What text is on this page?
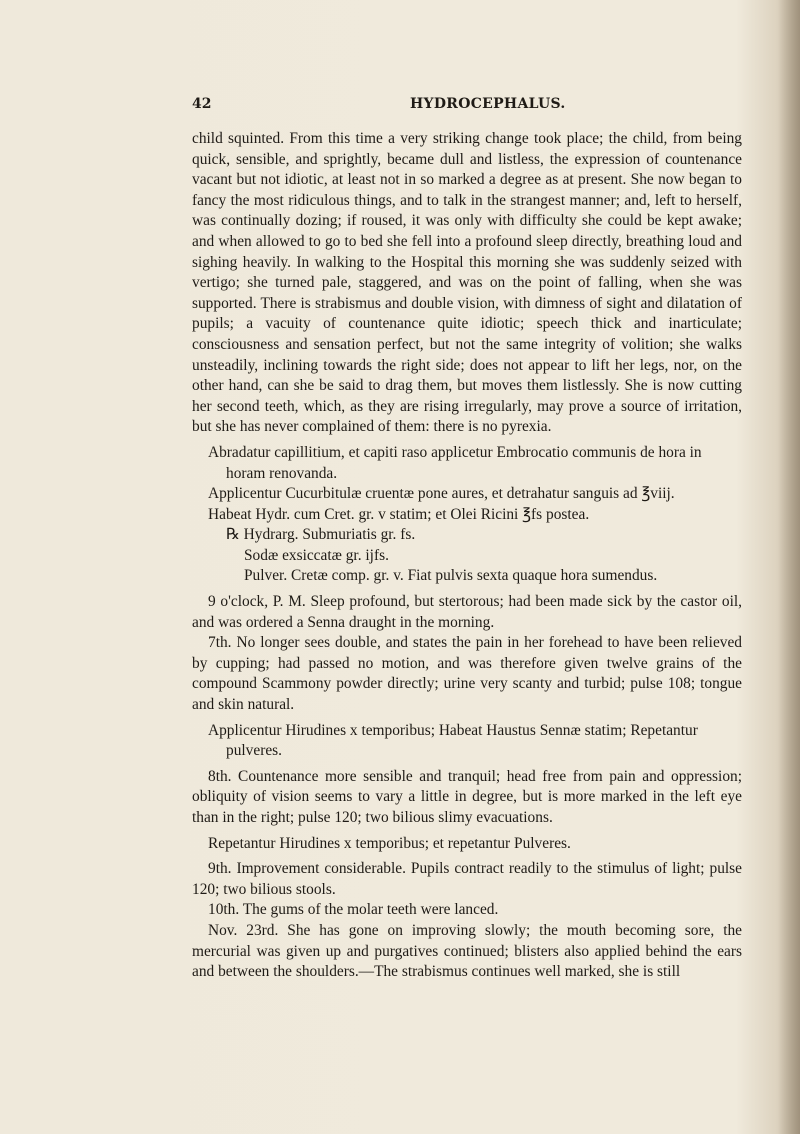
42	HYDROCEPHALUS.

child squinted. From this time a very striking change took place; the child, from being quick, sensible, and sprightly, became dull and listless, the expression of countenance vacant but not idiotic, at least not in so marked a degree as at present. She now began to fancy the most ridiculous things, and to talk in the strangest manner; and, left to herself, was continually dozing; if roused, it was only with difficulty she could be kept awake; and when allowed to go to bed she fell into a profound sleep directly, breathing loud and sighing heavily. In walking to the Hospital this morning she was suddenly seized with vertigo; she turned pale, staggered, and was on the point of falling, when she was supported. There is strabismus and double vision, with dimness of sight and dilatation of pupils; a vacuity of countenance quite idiotic; speech thick and inarticulate; consciousness and sensation perfect, but not the same integrity of volition; she walks unsteadily, inclining towards the right side; does not appear to lift her legs, nor, on the other hand, can she be said to drag them, but moves them listlessly. She is now cutting her second teeth, which, as they are rising irregularly, may prove a source of irritation, but she has never complained of them: there is no pyrexia.

Abradatur capillitium, et capiti raso applicetur Embrocatio communis de hora in horam renovanda.

Applicentur Cucurbitulæ cruentæ pone aures, et detrahatur sanguis ad ℥viij.

Habeat Hydr. cum Cret. gr. v statim; et Olei Ricini ℥fs postea.

℞ Hydrarg. Submuriatis gr. fs.

Sodæ exsiccatæ gr. ijfs.

Pulver. Cretæ comp. gr. v. Fiat pulvis sexta quaque hora sumendus.

9 o'clock, P. M. Sleep profound, but stertorous; had been made sick by the castor oil, and was ordered a Senna draught in the morning.

7th. No longer sees double, and states the pain in her forehead to have been relieved by cupping; had passed no motion, and was therefore given twelve grains of the compound Scammony powder directly; urine very scanty and turbid; pulse 108; tongue and skin natural.

Applicentur Hirudines x temporibus; Habeat Haustus Sennæ statim; Repetantur pulveres.

8th. Countenance more sensible and tranquil; head free from pain and oppression; obliquity of vision seems to vary a little in degree, but is more marked in the left eye than in the right; pulse 120; two bilious slimy evacuations.

Repetantur Hirudines x temporibus; et repetantur Pulveres.

9th. Improvement considerable. Pupils contract readily to the stimulus of light; pulse 120; two bilious stools.

10th. The gums of the molar teeth were lanced.

Nov. 23rd. She has gone on improving slowly; the mouth becoming sore, the mercurial was given up and purgatives continued; blisters also applied behind the ears and between the shoulders.—The strabismus continues well marked, she is still
